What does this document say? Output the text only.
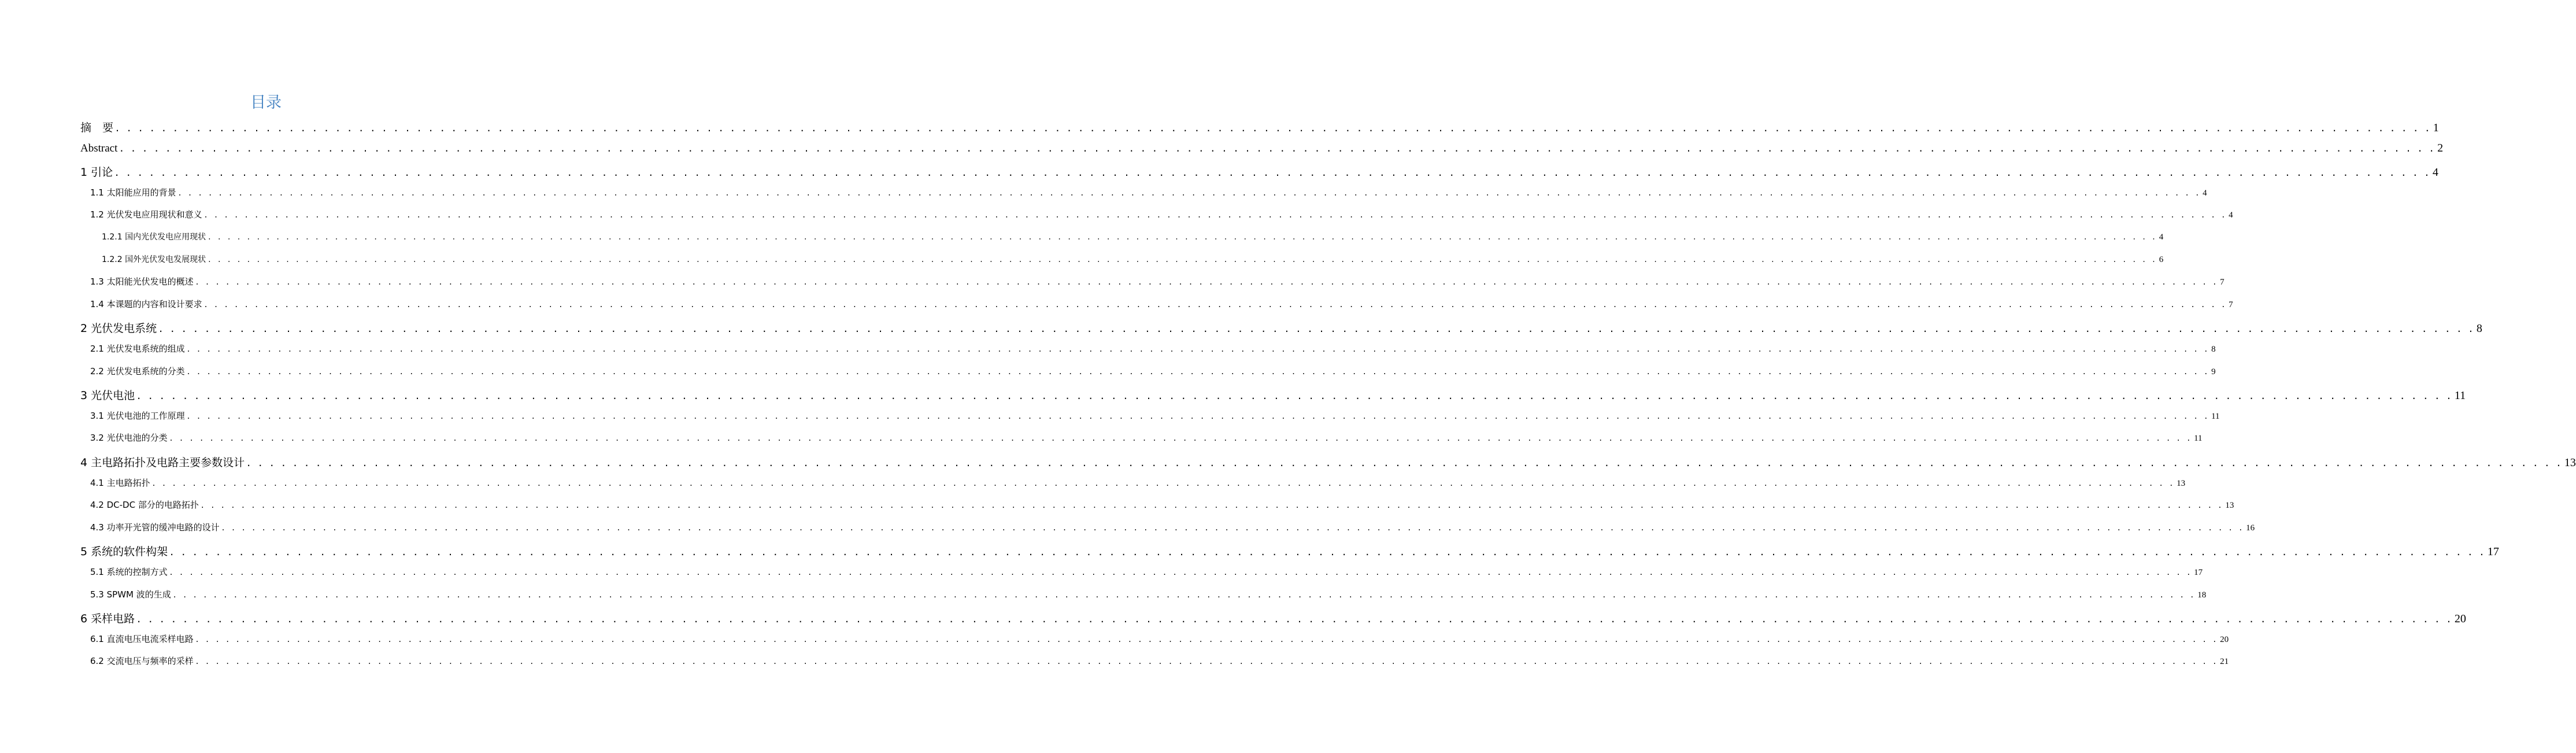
目录
摘　要 . . . . . . . . . . . . . . . . . . . . . . . . . . . . . . . . . . . . . . . . . . . . . . . . . . . . . . . . . . . . . . . . . . . . . . . . . . . . . . . . . . . . . . . . . . . . . . . . . . . . . . . . . . . . . . . . . . . . . . . . . . . . . . . . . . . . . . . . . . . . . . . . . . . . . . . . . . . . . . . . . . . . . . . . . . . . . . . . . . . . . . . . . . . . . . . . . . . . . . . . 1
Abstract . . . . . . . . . . . . . . . . . . . . . . . . . . . . . . . . . . . . . . . . . . . . . . . . . . . . . . . . . . . . . . . . . . . . . . . . . . . . . . . . . . . . . . . . . . . . . . . . . . . . . . . . . . . . . . . . . . . . . . . . . . . . . . . . . . . . . . . . . . . . . . . . . . . . . . . . . . . . . . . . . . . . . . . . . . . . . . . . . . . . . . . . . . . . . . . . . . . . . . . . 2
1 引论 . . . . . . . . . . . . . . . . . . . . . . . . . . . . . . . . . . . . . . . . . . . . . . . . . . . . . . . . . . . . . . . . . . . . . . . . . . . . . . . . . . . . . . . . . . . . . . . . . . . . . . . . . . . . . . . . . . . . . . . . . . . . . . . . . . . . . . . . . . . . . . . . . . . . . . . . . . . . . . . . . . . . . . . . . . . . . . . . . . . . . . . . . . . . . . . . . . . . . . . . 4
1.1 太阳能应用的背景 . . . . . . . . . . . . . . . . . . . . . . . . . . . . . . . . . . . . . . . . . . . . . . . . . . . . . . . . . . . . . . . . . . . . . . . . . . . . . . . . . . . . . . . . . . . . . . . . . . . . . . . . . . . . . . . . . . . . . . . . . . . . . . . . . . . . . . . . . . . . . . . . . . . . . . . . . . . . . . . . . . . . . . . . . . . . . . . . . . . . . . . . . . . . . . . . . . . . . . . . 4
1.2 光伏发电应用现状和意义 . . . . . . . . . . . . . . . . . . . . . . . . . . . . . . . . . . . . . . . . . . . . . . . . . . . . . . . . . . . . . . . . . . . . . . . . . . . . . . . . . . . . . . . . . . . . . . . . . . . . . . . . . . . . . . . . . . . . . . . . . . . . . . . . . . . . . . . . . . . . . . . . . . . . . . . . . . . . . . . . . . . . . . . . . . . . . . . . . . . . . . . . . . . . . . . . . . . . . . . . 4
1.2.1 国内光伏发电应用现状 . . . . . . . . . . . . . . . . . . . . . . . . . . . . . . . . . . . . . . . . . . . . . . . . . . . . . . . . . . . . . . . . . . . . . . . . . . . . . . . . . . . . . . . . . . . . . . . . . . . . . . . . . . . . . . . . . . . . . . . . . . . . . . . . . . . . . . . . . . . . . . . . . . . . . . . . . . . . . . . . . . . . . . . . . . . . . . . . . . . . . . . . . . . . . . . . . . . . . . . . 4
1.2.2 国外光伏发电发展现状 . . . . . . . . . . . . . . . . . . . . . . . . . . . . . . . . . . . . . . . . . . . . . . . . . . . . . . . . . . . . . . . . . . . . . . . . . . . . . . . . . . . . . . . . . . . . . . . . . . . . . . . . . . . . . . . . . . . . . . . . . . . . . . . . . . . . . . . . . . . . . . . . . . . . . . . . . . . . . . . . . . . . . . . . . . . . . . . . . . . . . . . . . . . . . . . . . . . . . . . . 6
1.3 太阳能光伏发电的概述 . . . . . . . . . . . . . . . . . . . . . . . . . . . . . . . . . . . . . . . . . . . . . . . . . . . . . . . . . . . . . . . . . . . . . . . . . . . . . . . . . . . . . . . . . . . . . . . . . . . . . . . . . . . . . . . . . . . . . . . . . . . . . . . . . . . . . . . . . . . . . . . . . . . . . . . . . . . . . . . . . . . . . . . . . . . . . . . . . . . . . . . . . . . . . . . . . . . . . . . . 7
1.4 本课题的内容和设计要求 . . . . . . . . . . . . . . . . . . . . . . . . . . . . . . . . . . . . . . . . . . . . . . . . . . . . . . . . . . . . . . . . . . . . . . . . . . . . . . . . . . . . . . . . . . . . . . . . . . . . . . . . . . . . . . . . . . . . . . . . . . . . . . . . . . . . . . . . . . . . . . . . . . . . . . . . . . . . . . . . . . . . . . . . . . . . . . . . . . . . . . . . . . . . . . . . . . . . . . . . 7
2 光伏发电系统 . . . . . . . . . . . . . . . . . . . . . . . . . . . . . . . . . . . . . . . . . . . . . . . . . . . . . . . . . . . . . . . . . . . . . . . . . . . . . . . . . . . . . . . . . . . . . . . . . . . . . . . . . . . . . . . . . . . . . . . . . . . . . . . . . . . . . . . . . . . . . . . . . . . . . . . . . . . . . . . . . . . . . . . . . . . . . . . . . . . . . . . . . . . . . . . . . . . . . . . . 8
2.1 光伏发电系统的组成 . . . . . . . . . . . . . . . . . . . . . . . . . . . . . . . . . . . . . . . . . . . . . . . . . . . . . . . . . . . . . . . . . . . . . . . . . . . . . . . . . . . . . . . . . . . . . . . . . . . . . . . . . . . . . . . . . . . . . . . . . . . . . . . . . . . . . . . . . . . . . . . . . . . . . . . . . . . . . . . . . . . . . . . . . . . . . . . . . . . . . . . . . . . . . . . . . . . . . . . . 8
2.2 光伏发电系统的分类 . . . . . . . . . . . . . . . . . . . . . . . . . . . . . . . . . . . . . . . . . . . . . . . . . . . . . . . . . . . . . . . . . . . . . . . . . . . . . . . . . . . . . . . . . . . . . . . . . . . . . . . . . . . . . . . . . . . . . . . . . . . . . . . . . . . . . . . . . . . . . . . . . . . . . . . . . . . . . . . . . . . . . . . . . . . . . . . . . . . . . . . . . . . . . . . . . . . . . . . . 9
3 光伏电池 . . . . . . . . . . . . . . . . . . . . . . . . . . . . . . . . . . . . . . . . . . . . . . . . . . . . . . . . . . . . . . . . . . . . . . . . . . . . . . . . . . . . . . . . . . . . . . . . . . . . . . . . . . . . . . . . . . . . . . . . . . . . . . . . . . . . . . . . . . . . . . . . . . . . . . . . . . . . . . . . . . . . . . . . . . . . . . . . . . . . . . . . . . . . . . . . . . . . . . . . 11
3.1 光伏电池的工作原理 . . . . . . . . . . . . . . . . . . . . . . . . . . . . . . . . . . . . . . . . . . . . . . . . . . . . . . . . . . . . . . . . . . . . . . . . . . . . . . . . . . . . . . . . . . . . . . . . . . . . . . . . . . . . . . . . . . . . . . . . . . . . . . . . . . . . . . . . . . . . . . . . . . . . . . . . . . . . . . . . . . . . . . . . . . . . . . . . . . . . . . . . . . . . . . . . . . . . . . . . 11
3.2 光伏电池的分类 . . . . . . . . . . . . . . . . . . . . . . . . . . . . . . . . . . . . . . . . . . . . . . . . . . . . . . . . . . . . . . . . . . . . . . . . . . . . . . . . . . . . . . . . . . . . . . . . . . . . . . . . . . . . . . . . . . . . . . . . . . . . . . . . . . . . . . . . . . . . . . . . . . . . . . . . . . . . . . . . . . . . . . . . . . . . . . . . . . . . . . . . . . . . . . . . . . . . . . . . 11
4 主电路拓扑及电路主要参数设计 . . . . . . . . . . . . . . . . . . . . . . . . . . . . . . . . . . . . . . . . . . . . . . . . . . . . . . . . . . . . . . . . . . . . . . . . . . . . . . . . . . . . . . . . . . . . . . . . . . . . . . . . . . . . . . . . . . . . . . . . . . . . . . . . . . . . . . . . . . . . . . . . . . . . . . . . . . . . . . . . . . . . . . . . . . . . . . . . . . . . . . . . . . . . . . . . . . . . . . . . 13
4.1 主电路拓扑 . . . . . . . . . . . . . . . . . . . . . . . . . . . . . . . . . . . . . . . . . . . . . . . . . . . . . . . . . . . . . . . . . . . . . . . . . . . . . . . . . . . . . . . . . . . . . . . . . . . . . . . . . . . . . . . . . . . . . . . . . . . . . . . . . . . . . . . . . . . . . . . . . . . . . . . . . . . . . . . . . . . . . . . . . . . . . . . . . . . . . . . . . . . . . . . . . . . . . . . . 13
4.2 DC-DC 部分的电路拓扑 . . . . . . . . . . . . . . . . . . . . . . . . . . . . . . . . . . . . . . . . . . . . . . . . . . . . . . . . . . . . . . . . . . . . . . . . . . . . . . . . . . . . . . . . . . . . . . . . . . . . . . . . . . . . . . . . . . . . . . . . . . . . . . . . . . . . . . . . . . . . . . . . . . . . . . . . . . . . . . . . . . . . . . . . . . . . . . . . . . . . . . . . . . . . . . . . . . . . . . . . 13
4.3 功率开光管的缓冲电路的设计 . . . . . . . . . . . . . . . . . . . . . . . . . . . . . . . . . . . . . . . . . . . . . . . . . . . . . . . . . . . . . . . . . . . . . . . . . . . . . . . . . . . . . . . . . . . . . . . . . . . . . . . . . . . . . . . . . . . . . . . . . . . . . . . . . . . . . . . . . . . . . . . . . . . . . . . . . . . . . . . . . . . . . . . . . . . . . . . . . . . . . . . . . . . . . . . . . . . . . . . . 16
5 系统的软件构架 . . . . . . . . . . . . . . . . . . . . . . . . . . . . . . . . . . . . . . . . . . . . . . . . . . . . . . . . . . . . . . . . . . . . . . . . . . . . . . . . . . . . . . . . . . . . . . . . . . . . . . . . . . . . . . . . . . . . . . . . . . . . . . . . . . . . . . . . . . . . . . . . . . . . . . . . . . . . . . . . . . . . . . . . . . . . . . . . . . . . . . . . . . . . . . . . . . . . . . . . 17
5.1 系统的控制方式 . . . . . . . . . . . . . . . . . . . . . . . . . . . . . . . . . . . . . . . . . . . . . . . . . . . . . . . . . . . . . . . . . . . . . . . . . . . . . . . . . . . . . . . . . . . . . . . . . . . . . . . . . . . . . . . . . . . . . . . . . . . . . . . . . . . . . . . . . . . . . . . . . . . . . . . . . . . . . . . . . . . . . . . . . . . . . . . . . . . . . . . . . . . . . . . . . . . . . . . . 17
5.3 SPWM 波的生成 . . . . . . . . . . . . . . . . . . . . . . . . . . . . . . . . . . . . . . . . . . . . . . . . . . . . . . . . . . . . . . . . . . . . . . . . . . . . . . . . . . . . . . . . . . . . . . . . . . . . . . . . . . . . . . . . . . . . . . . . . . . . . . . . . . . . . . . . . . . . . . . . . . . . . . . . . . . . . . . . . . . . . . . . . . . . . . . . . . . . . . . . . . . . . . . . . . . . . . . . 18
6 采样电路 . . . . . . . . . . . . . . . . . . . . . . . . . . . . . . . . . . . . . . . . . . . . . . . . . . . . . . . . . . . . . . . . . . . . . . . . . . . . . . . . . . . . . . . . . . . . . . . . . . . . . . . . . . . . . . . . . . . . . . . . . . . . . . . . . . . . . . . . . . . . . . . . . . . . . . . . . . . . . . . . . . . . . . . . . . . . . . . . . . . . . . . . . . . . . . . . . . . . . . . . 20
6.1 直流电压电流采样电路 . . . . . . . . . . . . . . . . . . . . . . . . . . . . . . . . . . . . . . . . . . . . . . . . . . . . . . . . . . . . . . . . . . . . . . . . . . . . . . . . . . . . . . . . . . . . . . . . . . . . . . . . . . . . . . . . . . . . . . . . . . . . . . . . . . . . . . . . . . . . . . . . . . . . . . . . . . . . . . . . . . . . . . . . . . . . . . . . . . . . . . . . . . . . . . . . . . . . . . . . 20
6.2 交流电压与频率的采样 . . . . . . . . . . . . . . . . . . . . . . . . . . . . . . . . . . . . . . . . . . . . . . . . . . . . . . . . . . . . . . . . . . . . . . . . . . . . . . . . . . . . . . . . . . . . . . . . . . . . . . . . . . . . . . . . . . . . . . . . . . . . . . . . . . . . . . . . . . . . . . . . . . . . . . . . . . . . . . . . . . . . . . . . . . . . . . . . . . . . . . . . . . . . . . . . . . . . . . . . 21
